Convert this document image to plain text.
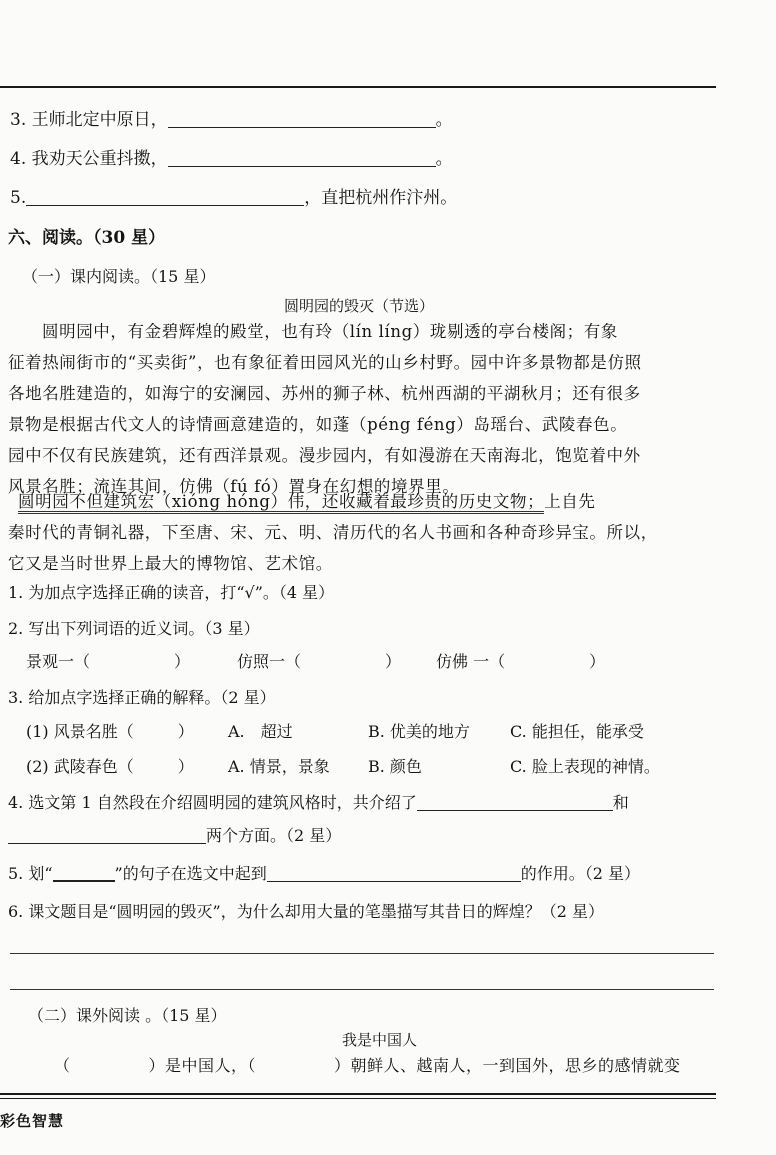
3. 王师北定中原日，	。
4. 我劝天公重抖擞，	。
5.	，直把杭州作汴州。
六、阅读。（30 星）
（一）课内阅读。（15 星）
圆明园的毁灭（节选）
圆明园中，有金碧辉煌的殿堂，也有玲（lín líng）珑剔透的亭台楼阁；有象
征着热闹街市的“买卖街”，也有象征着田园风光的山乡村野。园中许多景物都是仿照
各地名胜建造的，如海宁的安澜园、苏州的狮子林、杭州西湖的平湖秋月；还有很多
景物是根据古代文人的诗情画意建造的，如蓬（péng féng）岛瑶台、武陵春色。
园中不仅有民族建筑，还有西洋景观。漫步园内，有如漫游在天南海北，饱览着中外
风景名胜；流连其间，仿佛（fú fó）置身在幻想的境界里。
圆明园不但建筑宏（xióng hóng）伟，还收藏着最珍贵的历史文物；上自先
秦时代的青铜礼器，下至唐、宋、元、明、清历代的名人书画和各种奇珍异宝。所以，
它又是当时世界上最大的博物馆、艺术馆。
1. 为加点字选择正确的读音，打“√”。（4 星）
2. 写出下列词语的近义词。（3 星）
景观一（	）	仿照一（	） 仿佛 一（	）
3. 给加点字选择正确的解释。（2 星）
(1) 风景名胜（	） A.　超过	B. 优美的地方	C. 能担任，能承受
(2) 武陵春色（	） A. 情景，景象 B. 颜色	C. 脸上表现的神情。
4. 选文第 1 自然段在介绍圆明园的建筑风格时，共介绍了	和
两个方面。（2 星）
5. 划“	”的句子在选文中起到	的作用。（2 星）
6. 课文题目是“圆明园的毁灭”，为什么却用大量的笔墨描写其昔日的辉煌？（2 星）
（二）课外阅读 。（15 星）
我是中国人
（	）是中国人，（	）朝鲜人、越南人，一到国外，思乡的感情就变
彩色智慧
